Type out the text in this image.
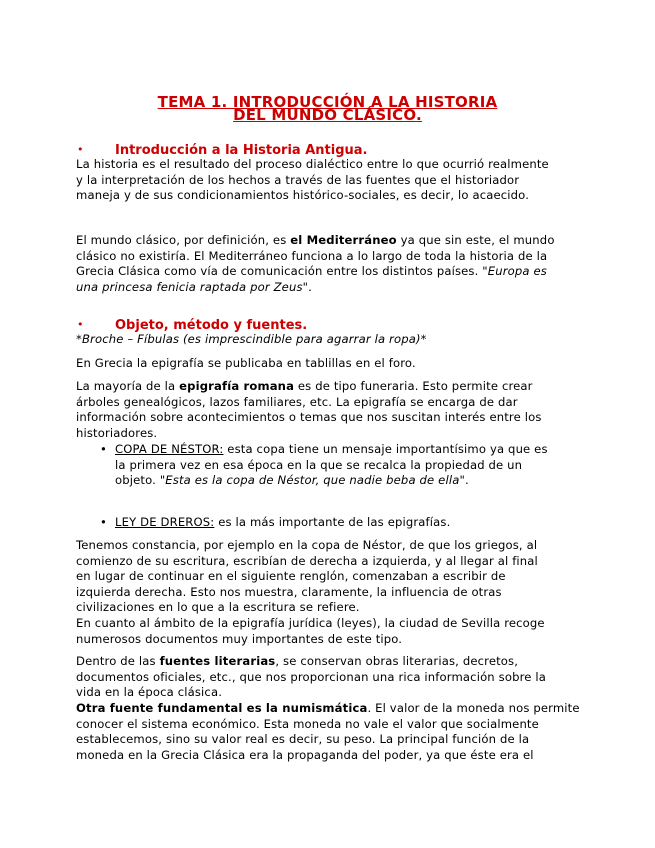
TEMA 1. INTRODUCCIÓN A LA HISTORIA
DEL MUNDO CLÁSICO.
• Introducción a la Historia Antigua.
La historia es el resultado del proceso dialéctico entre lo que ocurrió realmente
y la interpretación de los hechos a través de las fuentes que el historiador
maneja y de sus condicionamientos histórico-sociales, es decir, lo acaecido.
El mundo clásico, por definición, es el Mediterráneo ya que sin este, el mundo
clásico no existiría. El Mediterráneo funciona a lo largo de toda la historia de la
Grecia Clásica como vía de comunicación entre los distintos países. "Europa es
una princesa fenicia raptada por Zeus".
• Objeto, método y fuentes.
*Broche – Fíbulas (es imprescindible para agarrar la ropa)*
En Grecia la epigrafía se publicaba en tablillas en el foro.
La mayoría de la epigrafía romana es de tipo funeraria. Esto permite crear
árboles genealógicos, lazos familiares, etc. La epigrafía se encarga de dar
información sobre acontecimientos o temas que nos suscitan interés entre los
historiadores.
• COPA DE NÉSTOR: esta copa tiene un mensaje importantísimo ya que es
la primera vez en esa época en la que se recalca la propiedad de un
objeto. "Esta es la copa de Néstor, que nadie beba de ella".
• LEY DE DREROS: es la más importante de las epigrafías.
Tenemos constancia, por ejemplo en la copa de Néstor, de que los griegos, al
comienzo de su escritura, escribían de derecha a izquierda, y al llegar al final
en lugar de continuar en el siguiente renglón, comenzaban a escribir de
izquierda derecha. Esto nos muestra, claramente, la influencia de otras
civilizaciones en lo que a la escritura se refiere.
En cuanto al ámbito de la epigrafía jurídica (leyes), la ciudad de Sevilla recoge
numerosos documentos muy importantes de este tipo.
Dentro de las fuentes literarias, se conservan obras literarias, decretos,
documentos oficiales, etc., que nos proporcionan una rica información sobre la
vida en la época clásica.
Otra fuente fundamental es la numismática. El valor de la moneda nos permite
conocer el sistema económico. Esta moneda no vale el valor que socialmente
establecemos, sino su valor real es decir, su peso. La principal función de la
moneda en la Grecia Clásica era la propaganda del poder, ya que éste era el
